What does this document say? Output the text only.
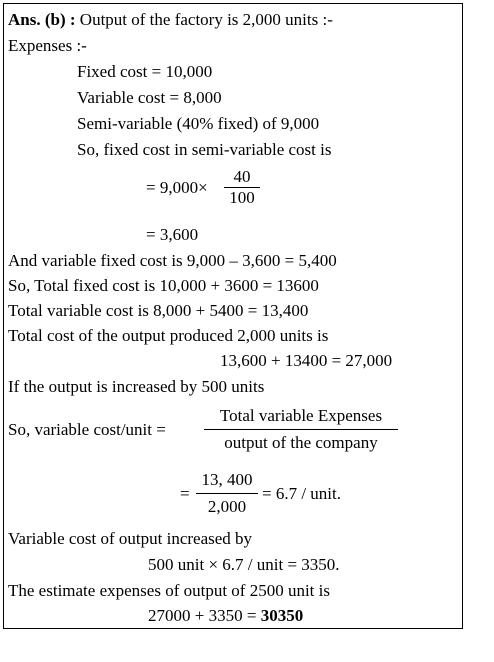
Ans. (b) : Output of the factory is 2,000 units :-
Expenses :-
Fixed cost = 10,000
Variable cost = 8,000
Semi-variable (40% fixed) of 9,000
So, fixed cost in semi-variable cost is
= 9,000×
40
100
= 3,600
And variable fixed cost is 9,000 – 3,600 = 5,400
So, Total fixed cost is 10,000 + 3600 = 13600
Total variable cost is 8,000 + 5400 = 13,400
Total cost of the output produced 2,000 units is
13,600 + 13400 = 27,000
If the output is increased by 500 units
So, variable cost/unit =
Total variable Expenses
output of the company
=
13, 400
2,000
= 6.7 / unit.
Variable cost of output increased by
500 unit × 6.7 / unit = 3350.
The estimate expenses of output of 2500 unit is
27000 + 3350 = 30350
